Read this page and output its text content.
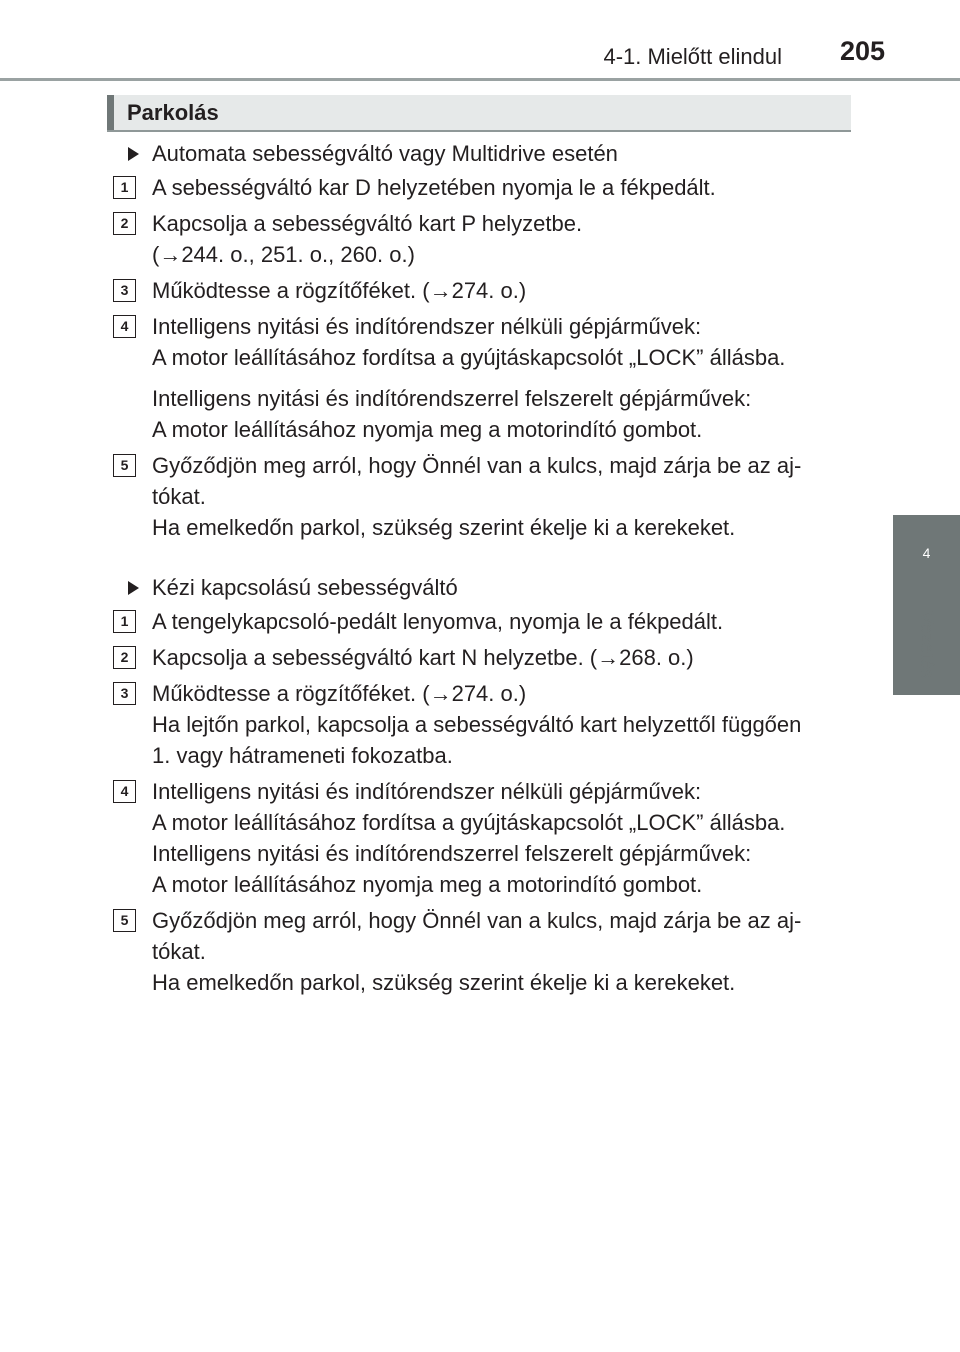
4-1. Mielőtt elindul 205
4
Vezetés
Parkolás
Automata sebességváltó vagy Multidrive esetén
1	A sebességváltó kar D helyzetében nyomja le a fékpedált.
2	Kapcsolja a sebességváltó kart P helyzetbe.
(→244. o., 251. o., 260. o.)
3	Működtesse a rögzítőféket. (→274. o.)
4	Intelligens nyitási és indítórendszer nélküli gépjárművek:
A motor leállításához fordítsa a gyújtáskapcsolót „LOCK” állásba.
Intelligens nyitási és indítórendszerrel felszerelt gépjárművek:
A motor leállításához nyomja meg a motorindító gombot.
5	Győződjön meg arról, hogy Önnél van a kulcs, majd zárja be az aj-
tókat.
Ha emelkedőn parkol, szükség szerint ékelje ki a kerekeket.
Kézi kapcsolású sebességváltó
1	A tengelykapcsoló-pedált lenyomva, nyomja le a fékpedált.
2	Kapcsolja a sebességváltó kart N helyzetbe. (→268. o.)
3	Működtesse a rögzítőféket. (→274. o.)
Ha lejtőn parkol, kapcsolja a sebességváltó kart helyzettől függően
1. vagy hátrameneti fokozatba.
4	Intelligens nyitási és indítórendszer nélküli gépjárművek:
A motor leállításához fordítsa a gyújtáskapcsolót „LOCK” állásba.
Intelligens nyitási és indítórendszerrel felszerelt gépjárművek:
A motor leállításához nyomja meg a motorindító gombot.
5	Győződjön meg arról, hogy Önnél van a kulcs, majd zárja be az aj-
tókat.
Ha emelkedőn parkol, szükség szerint ékelje ki a kerekeket.
